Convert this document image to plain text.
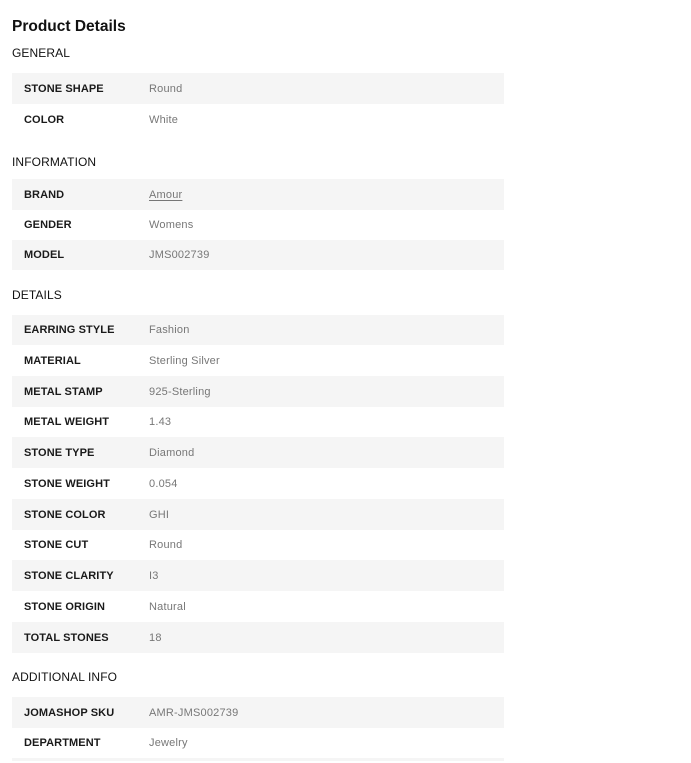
Product Details
GENERAL
STONE SHAPE	Round
COLOR	White
INFORMATION
BRAND	Amour
GENDER	Womens
MODEL	JMS002739
DETAILS
EARRING STYLE	Fashion
MATERIAL	Sterling Silver
METAL STAMP	925-Sterling
METAL WEIGHT	1.43
STONE TYPE	Diamond
STONE WEIGHT	0.054
STONE COLOR	GHI
STONE CUT	Round
STONE CLARITY	I3
STONE ORIGIN	Natural
TOTAL STONES	18
ADDITIONAL INFO
JOMASHOP SKU	AMR-JMS002739
DEPARTMENT	Jewelry
